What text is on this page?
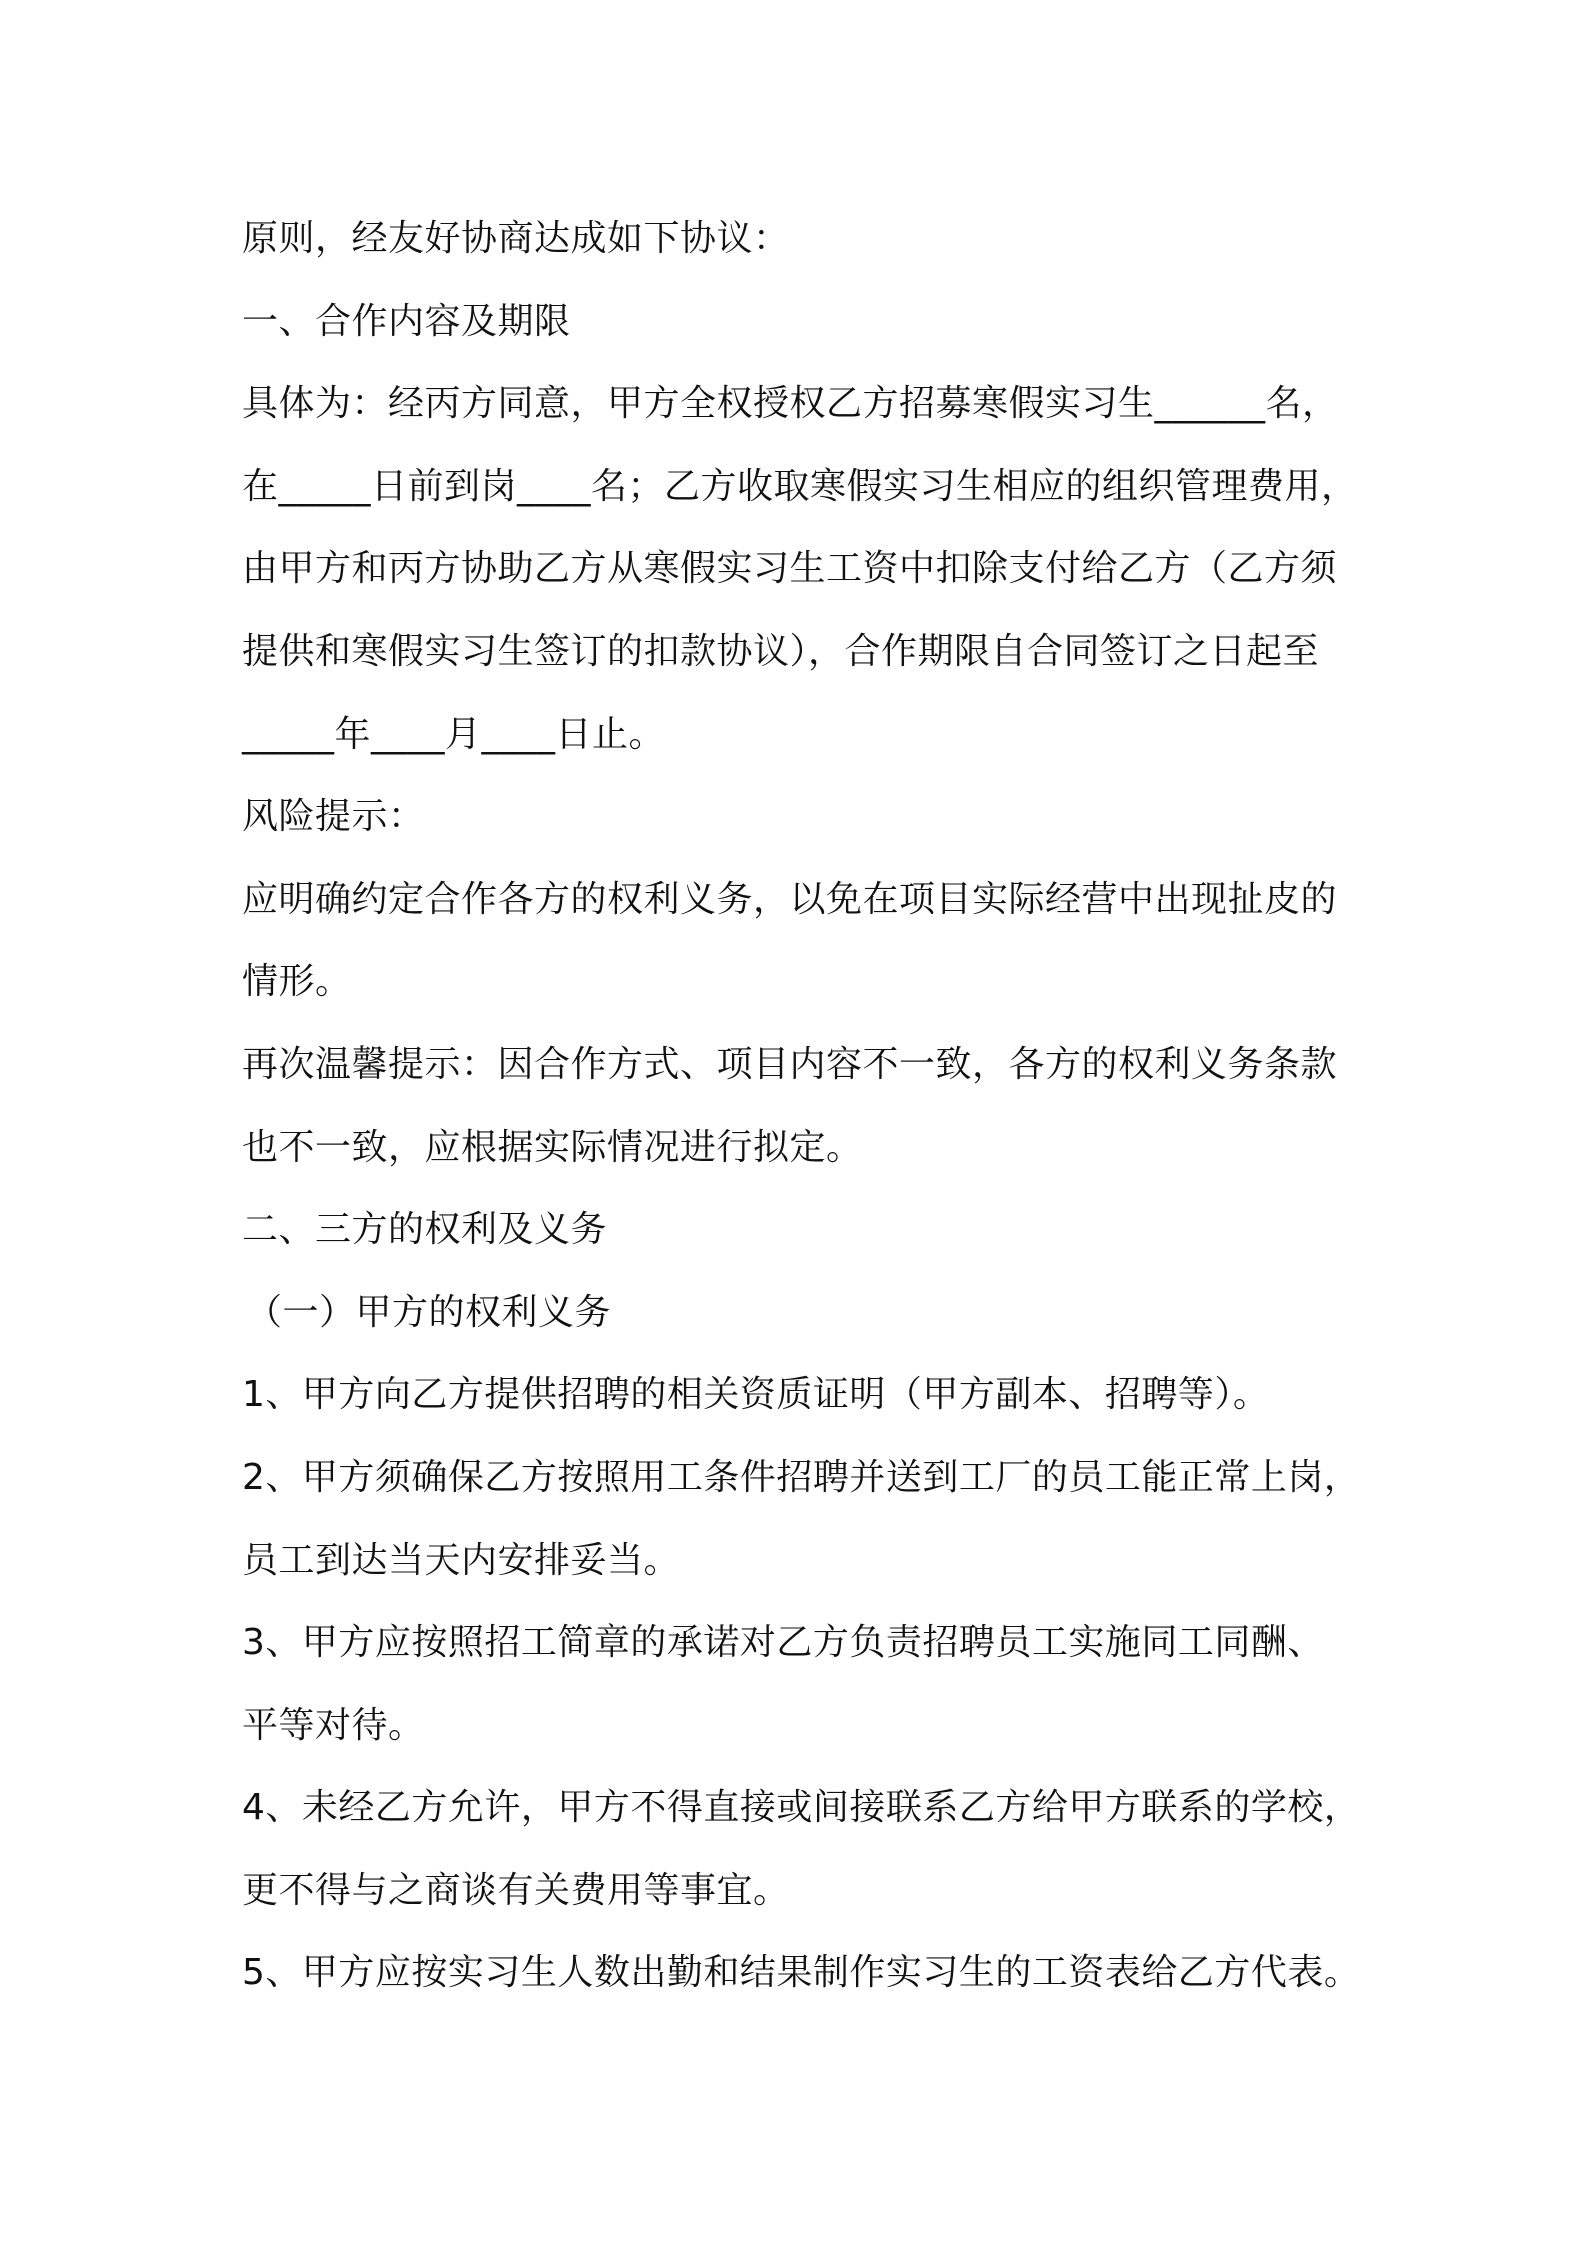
原则，经友好协商达成如下协议：
一、合作内容及期限
具体为：经丙方同意，甲方全权授权乙方招募寒假实习生______名，
在_____日前到岗____名；乙方收取寒假实习生相应的组织管理费用，
由甲方和丙方协助乙方从寒假实习生工资中扣除支付给乙方（乙方须
提供和寒假实习生签订的扣款协议），合作期限自合同签订之日起至
_____年____月____日止。
风险提示：
应明确约定合作各方的权利义务，以免在项目实际经营中出现扯皮的
情形。
再次温馨提示：因合作方式、项目内容不一致，各方的权利义务条款
也不一致，应根据实际情况进行拟定。
二、三方的权利及义务
（一）甲方的权利义务
1、甲方向乙方提供招聘的相关资质证明（甲方副本、招聘等）。
2、甲方须确保乙方按照用工条件招聘并送到工厂的员工能正常上岗，
员工到达当天内安排妥当。
3、甲方应按照招工简章的承诺对乙方负责招聘员工实施同工同酬、
平等对待。
4、未经乙方允许，甲方不得直接或间接联系乙方给甲方联系的学校，
更不得与之商谈有关费用等事宜。
5、甲方应按实习生人数出勤和结果制作实习生的工资表给乙方代表。
